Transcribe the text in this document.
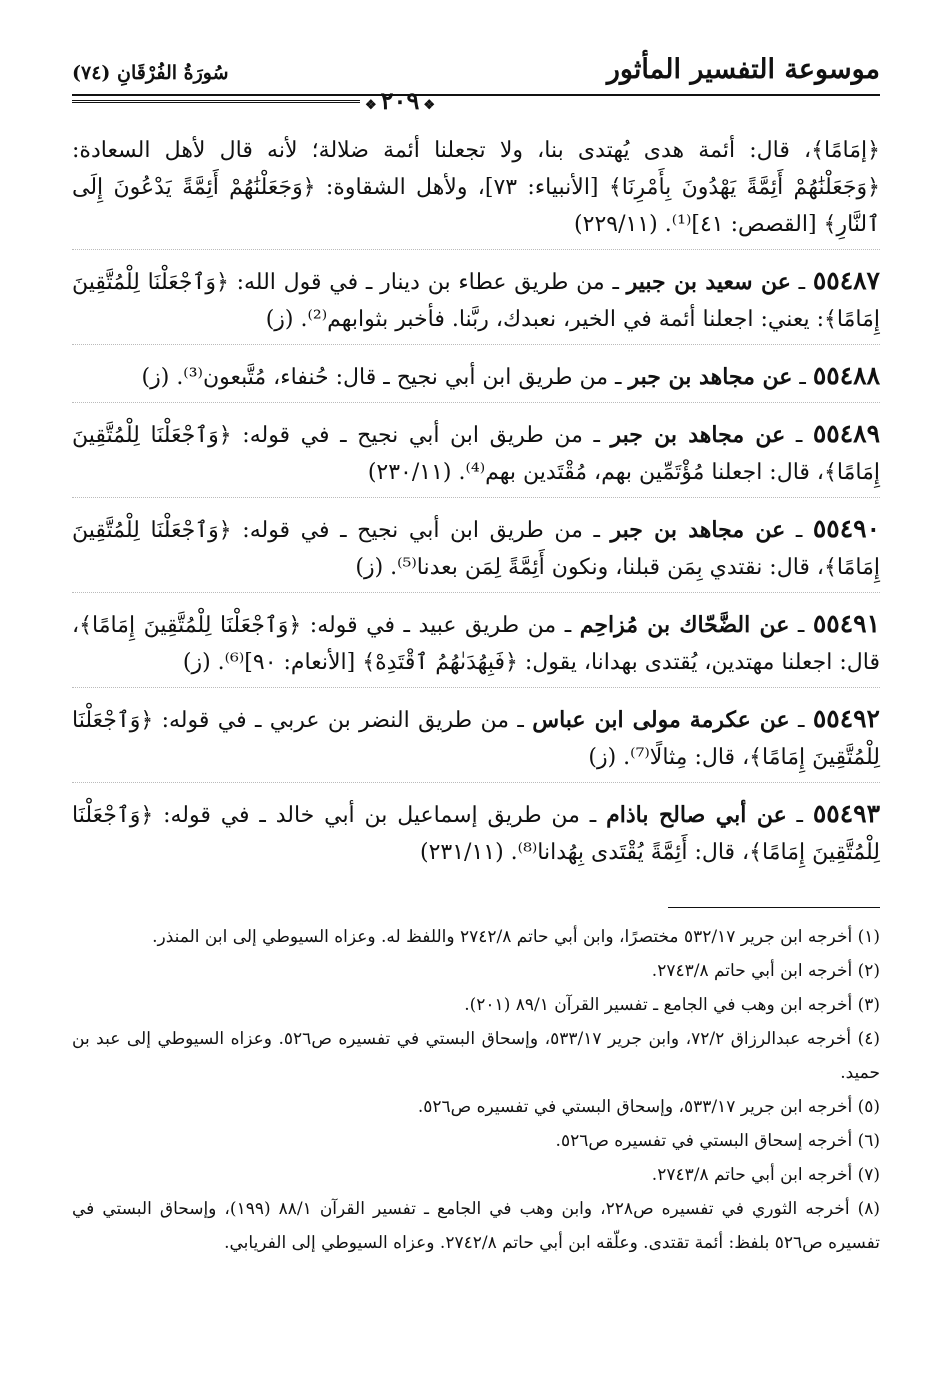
موسوعة التفسير المأثور
سُورَةُ الفُرْقَانِ (٧٤)
❖٢٠٩❖

﴿إمَامًا﴾، قال: أئمة هدى يُهتدى بنا، ولا تجعلنا أئمة ضلالة؛ لأنه قال لأهل السعادة: ﴿وَجَعَلْنَٰهُمْ أَئِمَّةً يَهْدُونَ بِأَمْرِنَا﴾ [الأنبياء: ٧٣]، ولأهل الشقاوة: ﴿وَجَعَلْنَٰهُمْ أَئِمَّةً يَدْعُونَ إِلَى ٱلنَّارِ﴾ [القصص: ٤١]⁽¹⁾. (٢٢٩/١١)

٥٥٤٨٧ ـ عن سعيد بن جبير ـ من طريق عطاء بن دينار ـ في قول الله: ﴿وَٱجْعَلْنَا لِلْمُتَّقِينَ إِمَامًا﴾: يعني: اجعلنا أئمة في الخير، نعبدك، ربَّنا. فأخبر بثوابهم⁽²⁾. (ز)

٥٥٤٨٨ ـ عن مجاهد بن جبر ـ من طريق ابن أبي نجيح ـ قال: حُنفاء، مُتَّبعون⁽³⁾. (ز)

٥٥٤٨٩ ـ عن مجاهد بن جبر ـ من طريق ابن أبي نجيح ـ في قوله: ﴿وَٱجْعَلْنَا لِلْمُتَّقِينَ إِمَامًا﴾، قال: اجعلنا مُؤْتَمِّين بهم، مُقْتَدين بهم⁽⁴⁾. (٢٣٠/١١)

٥٥٤٩٠ ـ عن مجاهد بن جبر ـ من طريق ابن أبي نجيح ـ في قوله: ﴿وَٱجْعَلْنَا لِلْمُتَّقِينَ إِمَامًا﴾، قال: نقتدي بِمَن قبلنا، ونكون أَئِمَّةً لِمَن بعدنا⁽⁵⁾. (ز)

٥٥٤٩١ ـ عن الضَّحّاك بن مُزاحِم ـ من طريق عبيد ـ في قوله: ﴿وَٱجْعَلْنَا لِلْمُتَّقِينَ إِمَامًا﴾، قال: اجعلنا مهتدين، يُقتدى بهدانا، يقول: ﴿فَبِهُدَىٰهُمُ ٱقْتَدِهْ﴾ [الأنعام: ٩٠]⁽⁶⁾. (ز)

٥٥٤٩٢ ـ عن عكرمة مولى ابن عباس ـ من طريق النضر بن عربي ـ في قوله: ﴿وَٱجْعَلْنَا لِلْمُتَّقِينَ إِمَامًا﴾، قال: مِثالًا⁽⁷⁾. (ز)

٥٥٤٩٣ ـ عن أبي صالح باذام ـ من طريق إسماعيل بن أبي خالد ـ في قوله: ﴿وَٱجْعَلْنَا لِلْمُتَّقِينَ إِمَامًا﴾، قال: أَئِمَّةً يُقْتَدى بِهُدانا⁽⁸⁾. (٢٣١/١١)

(١) أخرجه ابن جرير ٥٣٢/١٧ مختصرًا، وابن أبي حاتم ٢٧٤٢/٨ واللفظ له. وعزاه السيوطي إلى ابن المنذر.

(٢) أخرجه ابن أبي حاتم ٢٧٤٣/٨.

(٣) أخرجه ابن وهب في الجامع ـ تفسير القرآن ٨٩/١ (٢٠١).

(٤) أخرجه عبدالرزاق ٧٢/٢، وابن جرير ٥٣٣/١٧، وإسحاق البستي في تفسيره ص٥٢٦. وعزاه السيوطي إلى عبد بن حميد.

(٥) أخرجه ابن جرير ٥٣٣/١٧، وإسحاق البستي في تفسيره ص٥٢٦.

(٦) أخرجه إسحاق البستي في تفسيره ص٥٢٦.

(٧) أخرجه ابن أبي حاتم ٢٧٤٣/٨.

(٨) أخرجه الثوري في تفسيره ص٢٢٨، وابن وهب في الجامع ـ تفسير القرآن ٨٨/١ (١٩٩)، وإسحاق البستي في تفسيره ص٥٢٦ بلفظ: أئمة تقتدى. وعلّقه ابن أبي حاتم ٢٧٤٢/٨. وعزاه السيوطي إلى الفريابي.
